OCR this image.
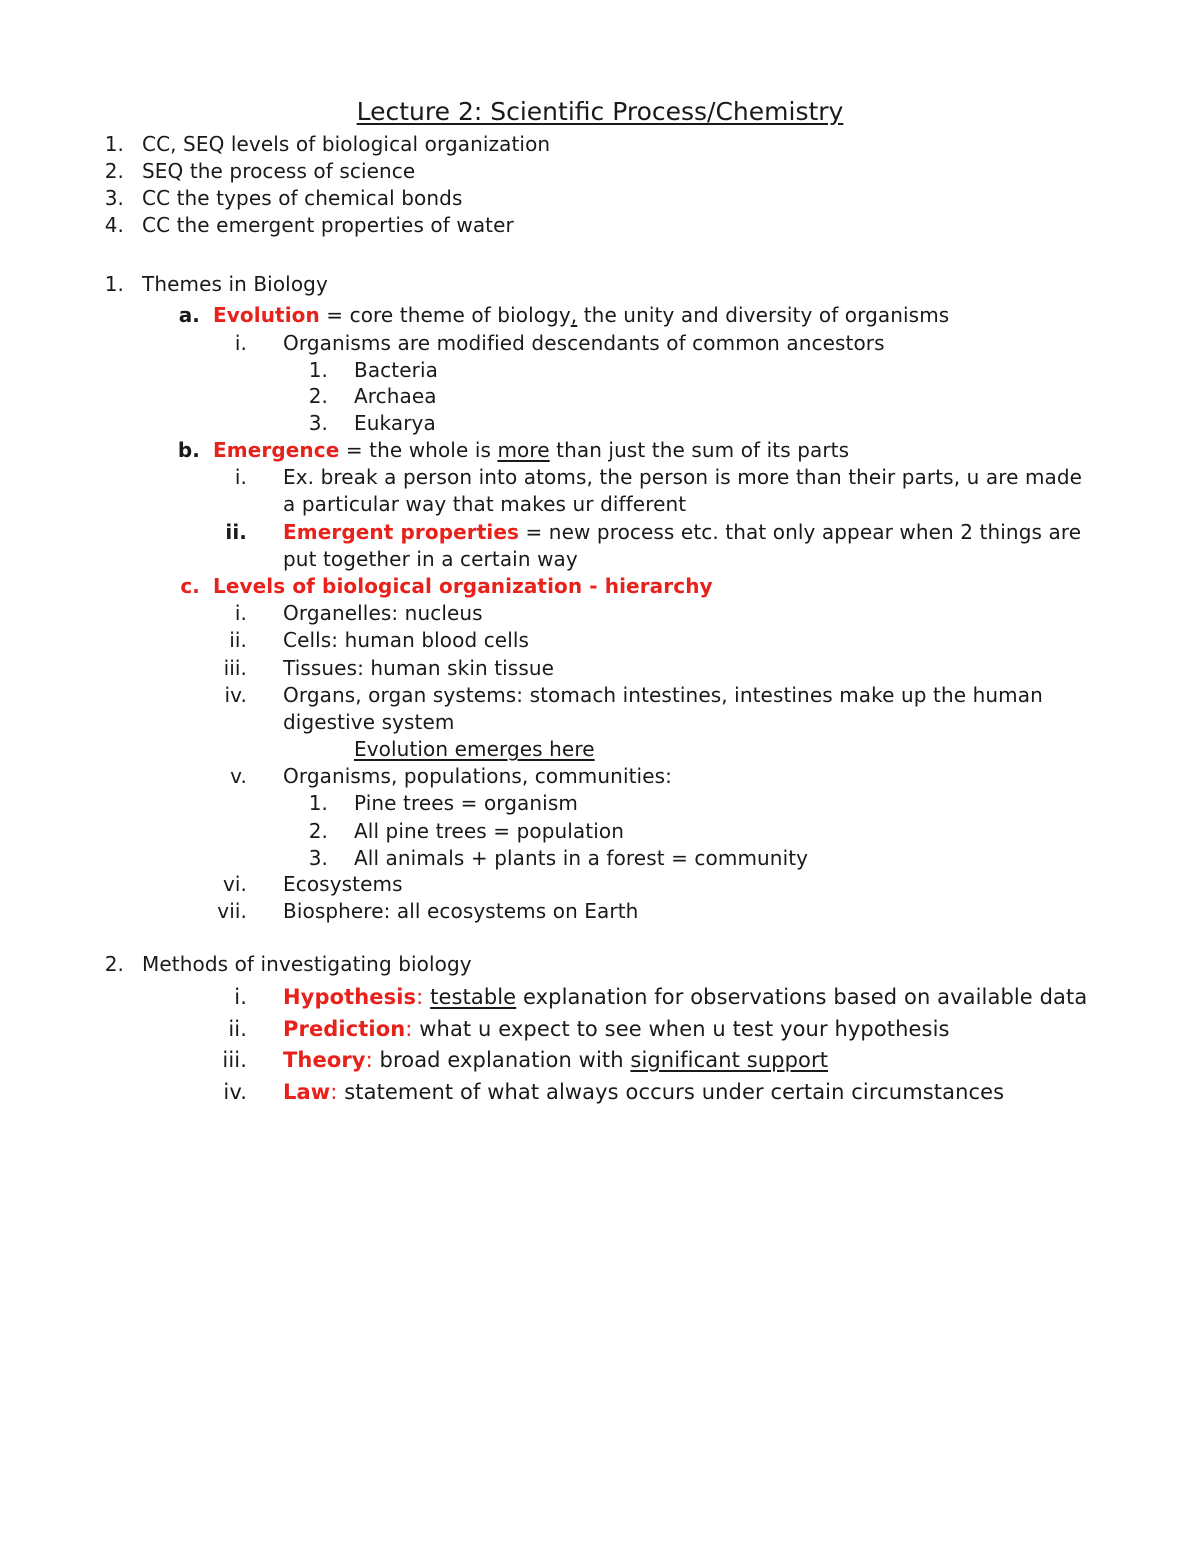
Lecture 2: Scientific Process/Chemistry
1. CC, SEQ levels of biological organization
2. SEQ the process of science
3. CC the types of chemical bonds
4. CC the emergent properties of water
1. Themes in Biology
a. Evolution = core theme of biology, the unity and diversity of organisms
i. Organisms are modified descendants of common ancestors
1. Bacteria
2. Archaea
3. Eukarya
b. Emergence = the whole is more than just the sum of its parts
i. Ex. break a person into atoms, the person is more than their parts, u are made
a particular way that makes ur different
ii. Emergent properties = new process etc. that only appear when 2 things are
put together in a certain way
c. Levels of biological organization - hierarchy
i. Organelles: nucleus
ii. Cells: human blood cells
iii. Tissues: human skin tissue
iv. Organs, organ systems: stomach intestines, intestines make up the human
digestive system
Evolution emerges here
v. Organisms, populations, communities:
1. Pine trees = organism
2. All pine trees = population
3. All animals + plants in a forest = community
vi. Ecosystems
vii. Biosphere: all ecosystems on Earth
2. Methods of investigating biology
i. Hypothesis: testable explanation for observations based on available data
ii. Prediction: what u expect to see when u test your hypothesis
iii. Theory: broad explanation with significant support
iv. Law: statement of what always occurs under certain circumstances
